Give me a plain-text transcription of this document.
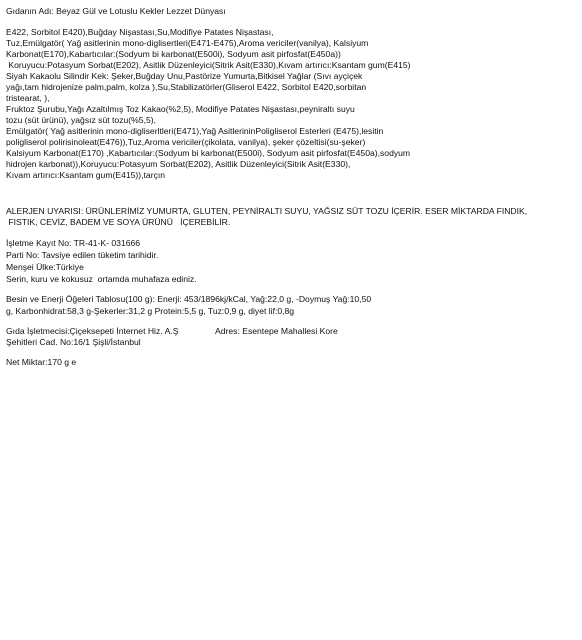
Gıdanın Adı: Beyaz Gül ve Lotuslu Kekler Lezzet Dünyası
E422, Sorbitol E420),Buğday Nişastası,Su,Modifiye Patates Nişastası,
Tuz,Emülgatör( Yağ asitlerinin mono-diglisertleri(E471-E475),Aroma vericiler(vanilya), Kalsiyum
Karbonat(E170),Kabartıcılar:(Sodyum bi karbonat(E500i), Sodyum asit pirfosfat(E450a))
Koruyucu:Potasyum Sorbat(E202), Asitlik Düzenleyici(Sitrik Asit(E330),Kıvam artırıcı:Ksantam gum(E415)
Siyah Kakaolu Silindir Kek: Şeker,Buğday Unu,Pastörize Yumurta,Bitkisel Yağlar (Sıvı ayçiçek
yağı,tam hidrojenize palm,palm, kolza ),Su,Stabilizatörler(Gliserol E422, Sorbitol E420,sorbitan
tristearat, ),
Fruktoz Şurubu,Yağı Azaltılmış Toz Kakao(%2,5), Modifiye Patates Nişastası,peyniraltı suyu
tozu (süt ürünü), yağsız süt tozu(%5,5),
Emülgatör( Yağ asitlerinin mono-digliserltleri(E471),Yağ AsitlerininPoligliserol Esterleri (E475),lesitin
poligliserol polirisinoleat(E476)),Tuz,Aroma vericiler(çikolata, vanilya), şeker çözeltisi(su-şeker)
Kalsiyum Karbonat(E170) ,Kabartıcılar:(Sodyum bi karbonat(E500i), Sodyum asit pirfosfat(E450a),sodyum
hidrojen karbonat)),Koruyucu:Potasyum Sorbat(E202), Asitlik Düzenleyici(Sitrik Asit(E330),
Kıvam artırıcı:Ksantam gum(E415)),tarçın
ALERJEN UYARISI: ÜRÜNLERİMİZ YUMURTA, GLUTEN, PEYNİRALTI SUYU, YAĞSIZ SÜT TOZU İÇERİR. ESER MİKTARDA FINDIK,
FISTIK, CEVİZ, BADEM VE SOYA ÜRÜNÜ   İÇEREBİLİR.
İşletme Kayıt No: TR-41-K- 031666
Parti No: Tavsiye edilen tüketim tarihidir.
Menşei Ülke:Türkiye
Serin, kuru ve kokusuz  ortamda muhafaza ediniz.
Besin ve Enerji Öğeleri Tablosu(100 g): Enerji: 453/1896kj/kCal, Yağ:22,0 g, -Doymuş Yağ:10,50
g, Karbonhidrat:58,3 g-Şekerler:31,2 g Protein:5,5 g, Tuz:0,9 g, diyet lif:0,8g
Gıda İşletmecisi:Çiçeksepeti İnternet Hiz. A.Ş	Adres: Esentepe Mahallesi Kore
Şehitleri Cad. No:16/1 Şişli/İstanbul
Net Miktar:170 g e
